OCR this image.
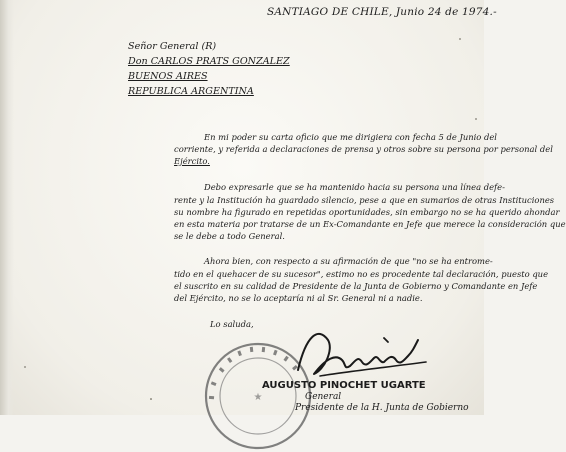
SANTIAGO DE CHILE, Junio 24 de 1974.-
Señor General (R)
Don CARLOS PRATS GONZALEZ
BUENOS AIRES
REPUBLICA ARGENTINA
En mi poder su carta oficio que me dirigiera con fecha 5 de Junio del
corriente, y referida a declaraciones de prensa y otros sobre su persona por personal del
Ejército.
Debo expresarle que se ha mantenido hacia su persona una línea defe-
rente y la Institución ha guardado silencio, pese a que en sumarios de otras Instituciones
su nombre ha figurado en repetidas oportunidades, sin embargo no se ha querido ahondar
en esta materia por tratarse de un Ex-Comandante en Jefe que merece la consideración que
se le debe a todo General.
Ahora bien, con respecto a su afirmación de que "no se ha entrome-
tido en el quehacer de su sucesor", estimo no es procedente tal declaración, puesto que
el suscrito en su calidad de Presidente de la Junta de Gobierno y Comandante en Jefe
del Ejército, no se lo aceptaría ni al Sr. General ni a nadie.
Lo saluda,
★
AUGUSTO PINOCHET UGARTE
General
Presidente de la H. Junta de Gobierno
